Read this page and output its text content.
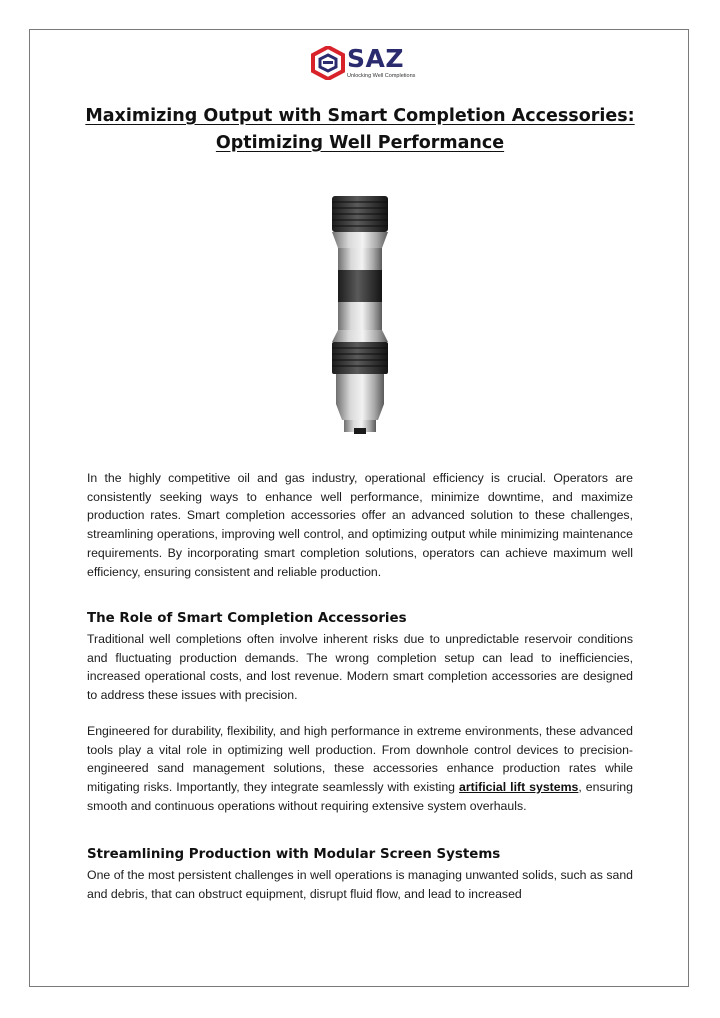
SAZ
Unlocking Well Completions
Maximizing Output with Smart Completion Accessories:
Optimizing Well Performance

In the highly competitive oil and gas industry, operational efficiency is crucial. Operators are consistently seeking ways to enhance well performance, minimize downtime, and maximize production rates. Smart completion accessories offer an advanced solution to these challenges, streamlining operations, improving well control, and optimizing output while minimizing maintenance requirements. By incorporating smart completion solutions, operators can achieve maximum well efficiency, ensuring consistent and reliable production.

The Role of Smart Completion Accessories

Traditional well completions often involve inherent risks due to unpredictable reservoir conditions and fluctuating production demands. The wrong completion setup can lead to inefficiencies, increased operational costs, and lost revenue. Modern smart completion accessories are designed to address these issues with precision.

Engineered for durability, flexibility, and high performance in extreme environments, these advanced tools play a vital role in optimizing well production. From downhole control devices to precision-engineered sand management solutions, these accessories enhance production rates while mitigating risks. Importantly, they integrate seamlessly with existing artificial lift systems, ensuring smooth and continuous operations without requiring extensive system overhauls.

Streamlining Production with Modular Screen Systems

One of the most persistent challenges in well operations is managing unwanted solids, such as sand and debris, that can obstruct equipment, disrupt fluid flow, and lead to increased
